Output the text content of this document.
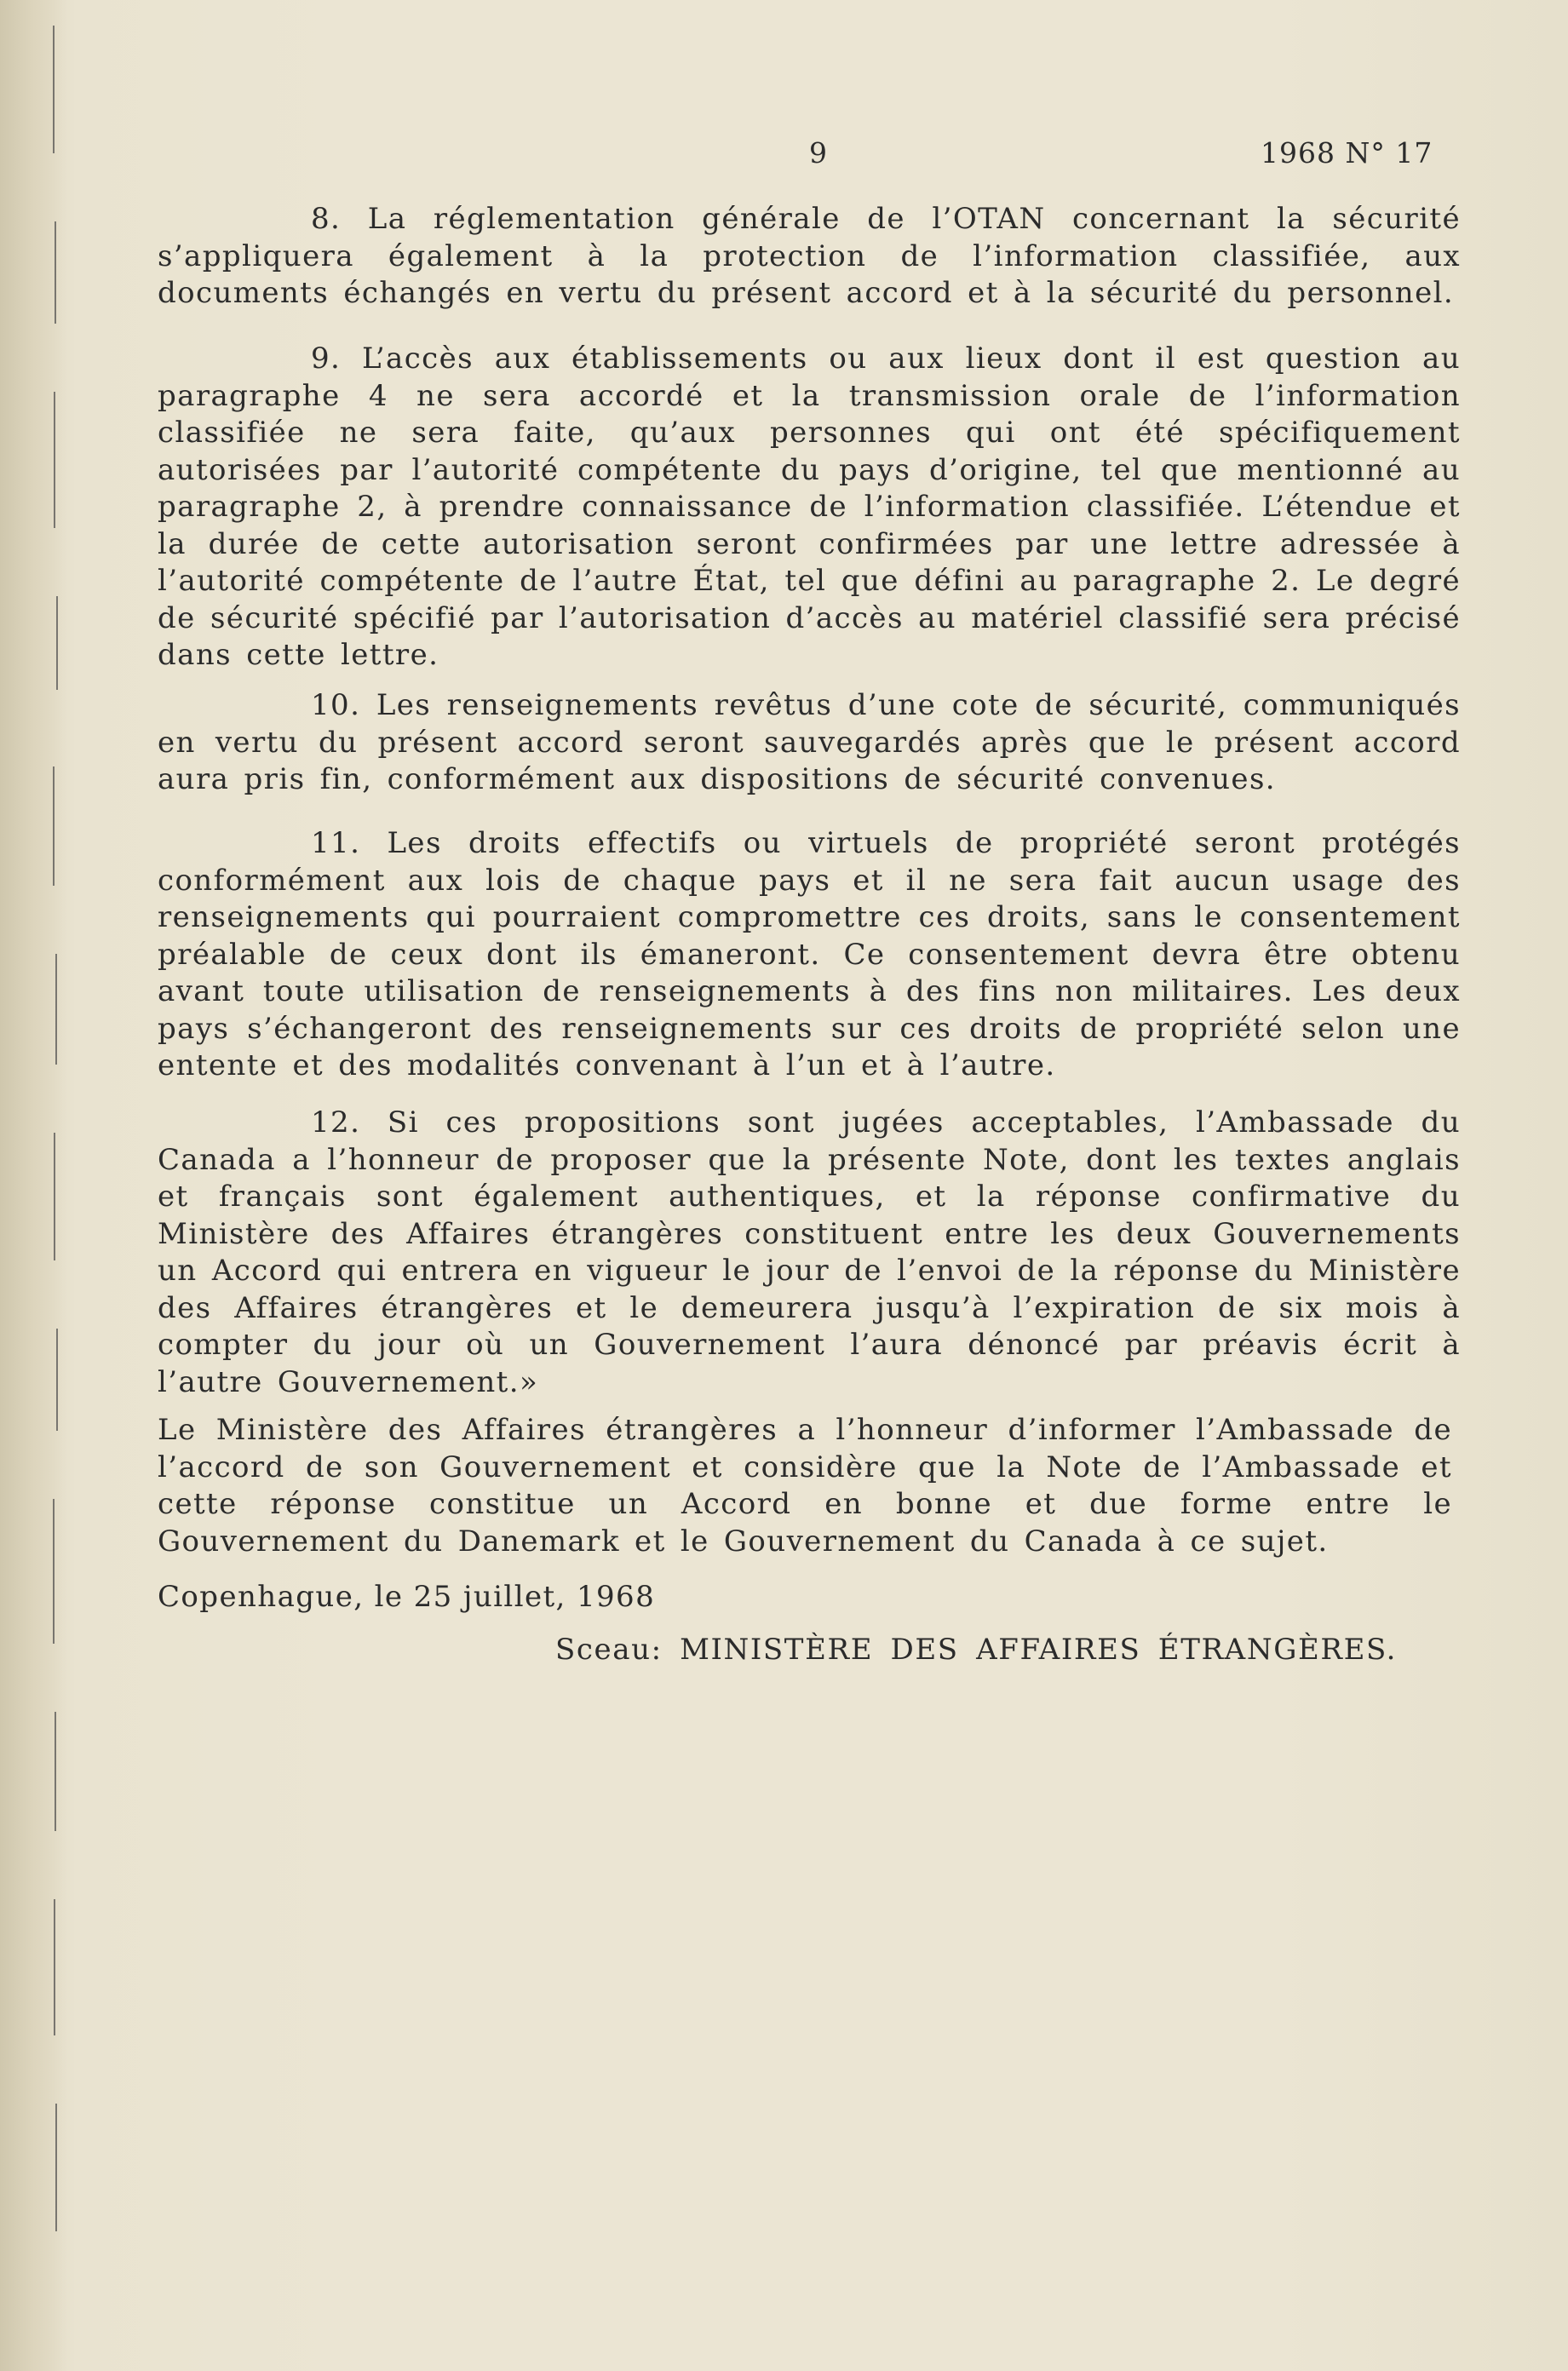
9	1968 N° 17

8. La réglementation générale de l’OTAN concernant la sécurité s’appliquera également à la protection de l’information classifiée, aux documents échangés en vertu du présent accord et à la sécurité du personnel.

9. L’accès aux établissements ou aux lieux dont il est question au paragraphe 4 ne sera accordé et la transmission orale de l’information classifiée ne sera faite, qu’aux personnes qui ont été spécifiquement autorisées par l’autorité compétente du pays d’origine, tel que mentionné au paragraphe 2, à prendre connaissance de l’information classifiée. L’étendue et la durée de cette autorisation seront confirmées par une lettre adressée à l’autorité compétente de l’autre État, tel que défini au paragraphe 2. Le degré de sécurité spécifié par l’autorisation d’accès au matériel classifié sera précisé dans cette lettre.

10. Les renseignements revêtus d’une cote de sécurité, communiqués en vertu du présent accord seront sauvegardés après que le présent accord aura pris fin, conformément aux dispositions de sécurité convenues.

11. Les droits effectifs ou virtuels de propriété seront protégés conformément aux lois de chaque pays et il ne sera fait aucun usage des renseignements qui pourraient compromettre ces droits, sans le consentement préalable de ceux dont ils émaneront. Ce consentement devra être obtenu avant toute utilisation de renseignements à des fins non militaires. Les deux pays s’échangeront des renseignements sur ces droits de propriété selon une entente et des modalités convenant à l’un et à l’autre.

12. Si ces propositions sont jugées acceptables, l’Ambassade du Canada a l’honneur de proposer que la présente Note, dont les textes anglais et français sont également authentiques, et la réponse confirmative du Ministère des Affaires étrangères constituent entre les deux Gouvernements un Accord qui entrera en vigueur le jour de l’envoi de la réponse du Ministère des Affaires étrangères et le demeurera jusqu’à l’expiration de six mois à compter du jour où un Gouvernement l’aura dénoncé par préavis écrit à l’autre Gouvernement.»

Le Ministère des Affaires étrangères a l’honneur d’informer l’Ambassade de l’accord de son Gouvernement et considère que la Note de l’Ambassade et cette réponse constitue un Accord en bonne et due forme entre le Gouvernement du Danemark et le Gouvernement du Canada à ce sujet.
Copenhague, le 25 juillet, 1968
Sceau: MINISTÈRE DES AFFAIRES ÉTRANGÈRES.
